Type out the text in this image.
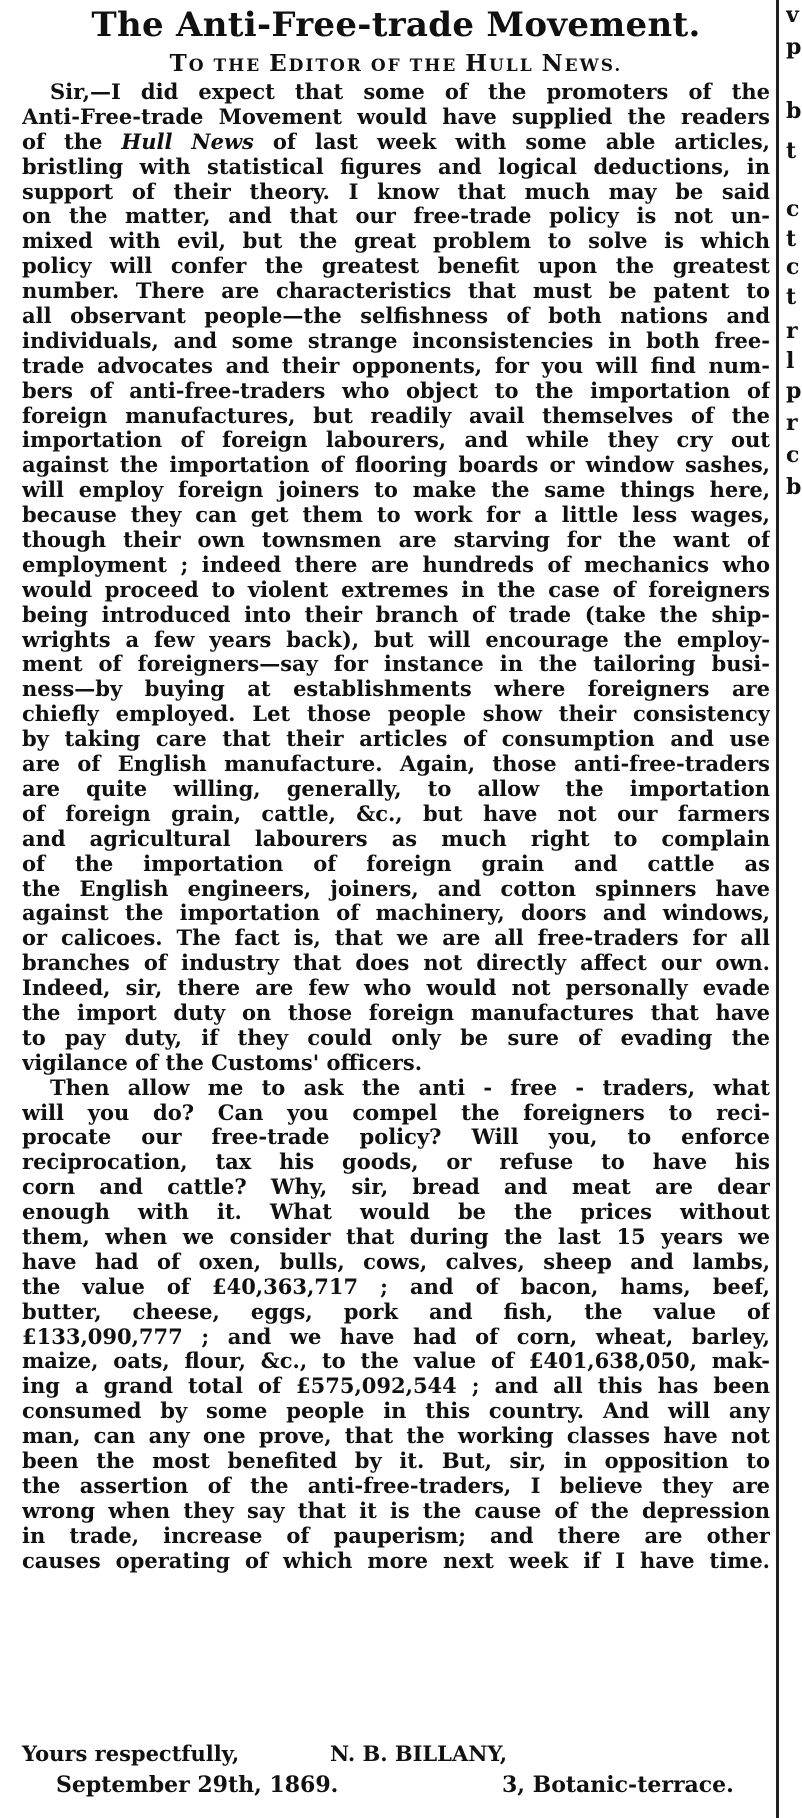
The Anti-Free-trade Movement.
TO THE EDITOR OF THE HULL NEWS.
Sir,—I did expect that some of the promoters of the
Anti-Free-trade Movement would have supplied the readers
of the Hull News of last week with some able articles,
bristling with statistical figures and logical deductions, in
support of their theory. I know that much may be said
on the matter, and that our free-trade policy is not un-
mixed with evil, but the great problem to solve is which
policy will confer the greatest benefit upon the greatest
number. There are characteristics that must be patent to
all observant people—the selfishness of both nations and
individuals, and some strange inconsistencies in both free-
trade advocates and their opponents, for you will find num-
bers of anti-free-traders who object to the importation of
foreign manufactures, but readily avail themselves of the
importation of foreign labourers, and while they cry out
against the importation of flooring boards or window sashes,
will employ foreign joiners to make the same things here,
because they can get them to work for a little less wages,
though their own townsmen are starving for the want of
employment ; indeed there are hundreds of mechanics who
would proceed to violent extremes in the case of foreigners
being introduced into their branch of trade (take the ship-
wrights a few years back), but will encourage the employ-
ment of foreigners—say for instance in the tailoring busi-
ness—by buying at establishments where foreigners are
chiefly employed. Let those people show their consistency
by taking care that their articles of consumption and use
are of English manufacture. Again, those anti-free-traders
are quite willing, generally, to allow the importation
of foreign grain, cattle, &c., but have not our farmers
and agricultural labourers as much right to complain
of the importation of foreign grain and cattle as
the English engineers, joiners, and cotton spinners have
against the importation of machinery, doors and windows,
or calicoes. The fact is, that we are all free-traders for all
branches of industry that does not directly affect our own.
Indeed, sir, there are few who would not personally evade
the import duty on those foreign manufactures that have
to pay duty, if they could only be sure of evading the
vigilance of the Customs' officers.
Then allow me to ask the anti - free - traders, what
will you do? Can you compel the foreigners to reci-
procate our free-trade policy? Will you, to enforce
reciprocation, tax his goods, or refuse to have his
corn and cattle? Why, sir, bread and meat are dear
enough with it. What would be the prices without
them, when we consider that during the last 15 years we
have had of oxen, bulls, cows, calves, sheep and lambs,
the value of £40,363,717 ; and of bacon, hams, beef,
butter, cheese, eggs, pork and fish, the value of
£133,090,777 ; and we have had of corn, wheat, barley,
maize, oats, flour, &c., to the value of £401,638,050, mak-
ing a grand total of £575,092,544 ; and all this has been
consumed by some people in this country. And will any
man, can any one prove, that the working classes have not
been the most benefited by it. But, sir, in opposition to
the assertion of the anti-free-traders, I believe they are
wrong when they say that it is the cause of the depression
in trade, increase of pauperism; and there are other
causes operating of which more next week if I have time.
Yours respectfully,	N. B. BILLANY,
September 29th, 1869.	3, Botanic-terrace.
v
p
b
t
c
t
c
t
r
l
p
r
c
b
